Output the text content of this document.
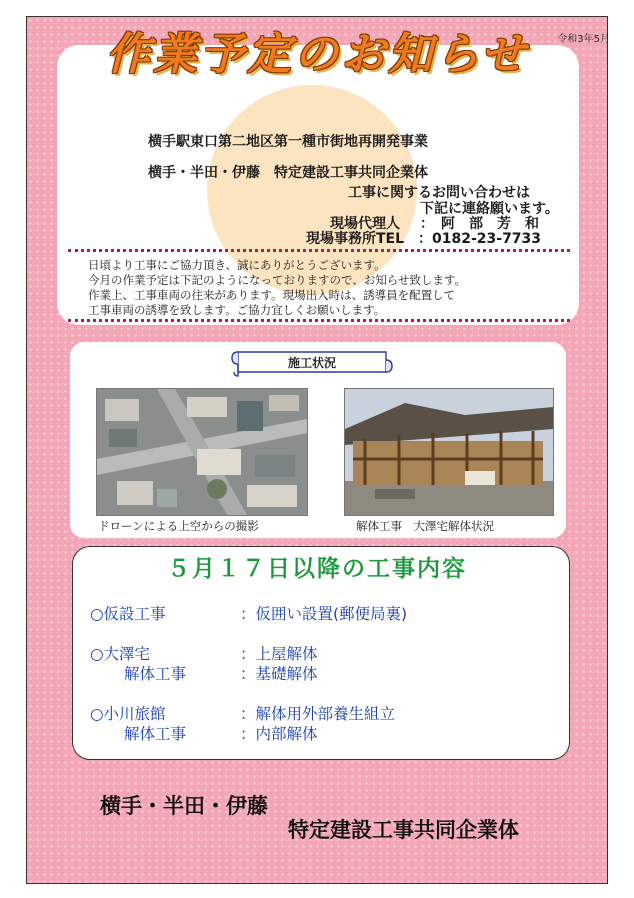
令和3年5月
作業予定のお知らせ
横手駅東口第二地区第一種市街地再開発事業
横手・半田・伊藤　特定建設工事共同企業体
工事に関するお問い合わせは
下記に連絡願います。
現場代理人 ：　阿　部　芳　和
現場事務所TEL ：0182-23-7733
日頃より工事にご協力頂き、誠にありがとうございます。
今月の作業予定は下記のようになっておりますので、お知らせ致します。
作業上、工事車両の往来があります。現場出入時は、誘導員を配置して
工事車両の誘導を致します。ご協力宜しくお願いします。
施工状況
ドローンによる上空からの撮影	解体工事　大澤宅解体状況
５月１７日以降の工事内容
○仮設工事	：仮囲い設置(郵便局裏)
○大澤宅
解体工事
：上屋解体
：基礎解体
○小川旅館
解体工事
：解体用外部養生組立
：内部解体
横手・半田・伊藤
特定建設工事共同企業体
